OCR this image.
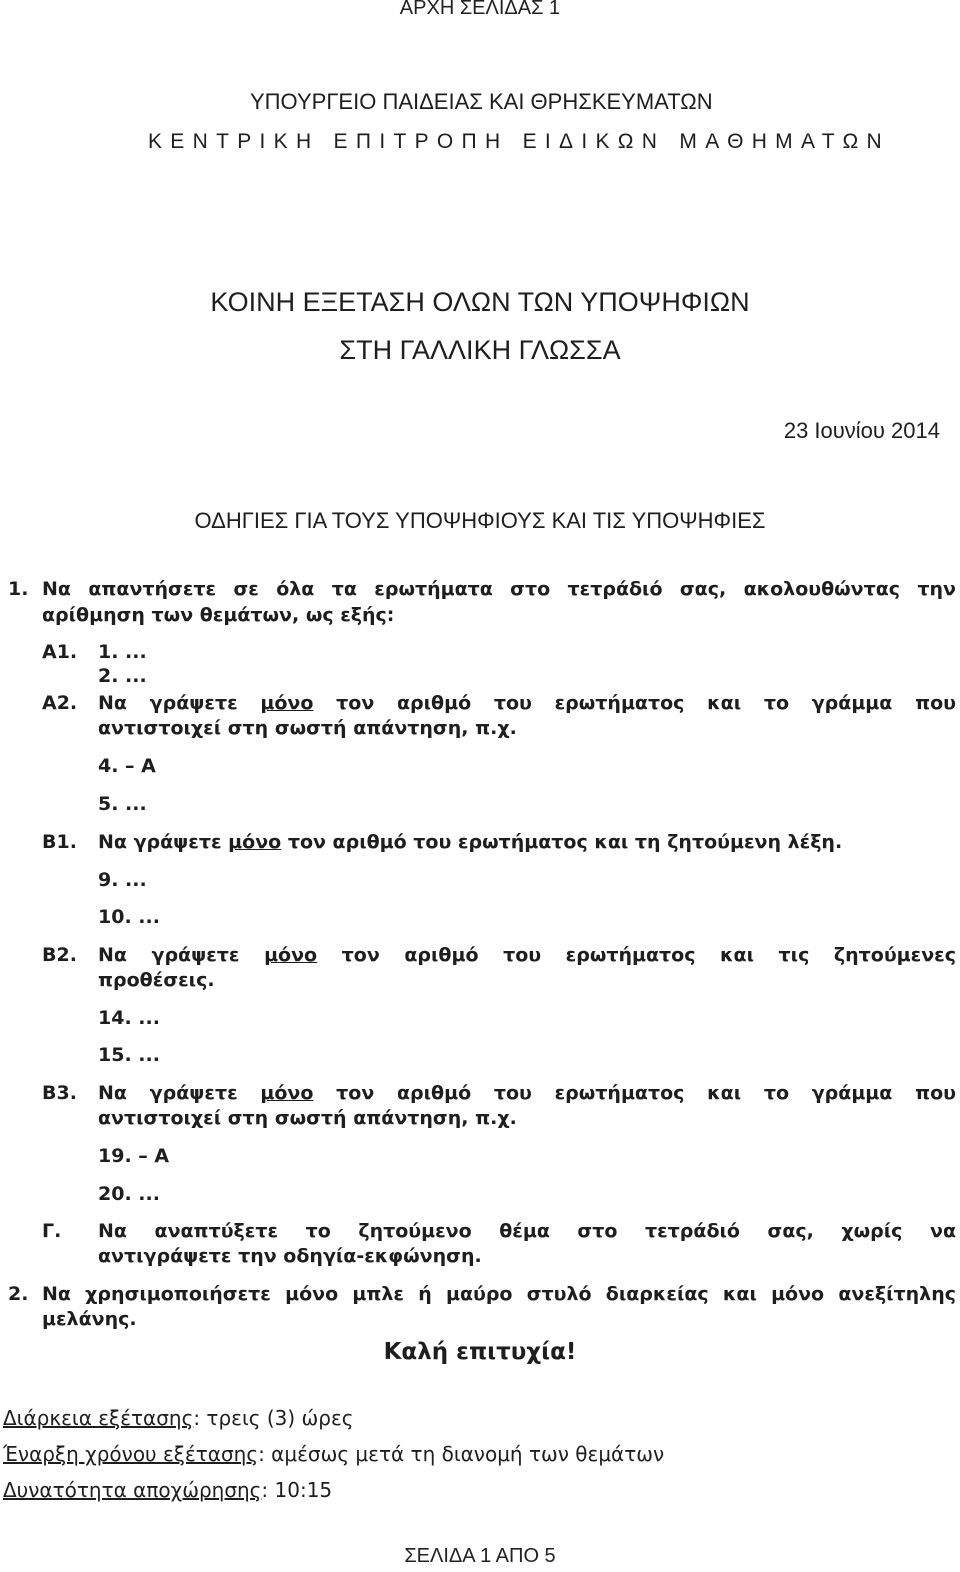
ΑΡΧΗ ΣΕΛΙΔΑΣ 1
ΥΠΟΥΡΓΕΙΟ ΠΑΙΔΕΙΑΣ ΚΑΙ ΘΡΗΣΚΕΥΜΑΤΩΝ
ΚΕΝΤΡΙΚΗ ΕΠΙΤΡΟΠΗ ΕΙΔΙΚΩΝ ΜΑΘΗΜΑΤΩΝ
ΚΟΙΝΗ ΕΞΕΤΑΣΗ ΟΛΩΝ ΤΩΝ ΥΠΟΨΗΦΙΩΝ
ΣΤΗ ΓΑΛΛΙΚΗ ΓΛΩΣΣΑ
23 Ιουνίου 2014
ΟΔΗΓΙΕΣ ΓΙΑ ΤΟΥΣ ΥΠΟΨΗΦΙΟΥΣ ΚΑΙ ΤΙΣ ΥΠΟΨΗΦΙΕΣ
1. Να απαντήσετε σε όλα τα ερωτήματα στο τετράδιό σας, ακολουθώντας την
αρίθμηση των θεμάτων, ως εξής:
Α1. 1. ...
2. ...
Α2. Να γράψετε μόνο τον αριθμό του ερωτήματος και το γράμμα που
αντιστοιχεί στη σωστή απάντηση, π.χ.
4. – Α
5. ...
Β1. Να γράψετε μόνο τον αριθμό του ερωτήματος και τη ζητούμενη λέξη.
9. ...
10. ...
Β2. Να γράψετε μόνο τον αριθμό του ερωτήματος και τις ζητούμενες
προθέσεις.
14. ...
15. ...
Β3. Να γράψετε μόνο τον αριθμό του ερωτήματος και το γράμμα που
αντιστοιχεί στη σωστή απάντηση, π.χ.
19. – Α
20. ...
Γ. Να αναπτύξετε το ζητούμενο θέμα στο τετράδιό σας, χωρίς να
αντιγράψετε την οδηγία-εκφώνηση.
2. Να χρησιμοποιήσετε μόνο μπλε ή μαύρο στυλό διαρκείας και μόνο ανεξίτηλης
μελάνης.
Καλή επιτυχία!
Διάρκεια εξέτασης: τρεις (3) ώρες
Έναρξη χρόνου εξέτασης: αμέσως μετά τη διανομή των θεμάτων
Δυνατότητα αποχώρησης: 10:15
ΣΕΛΙΔΑ 1 ΑΠΟ 5
